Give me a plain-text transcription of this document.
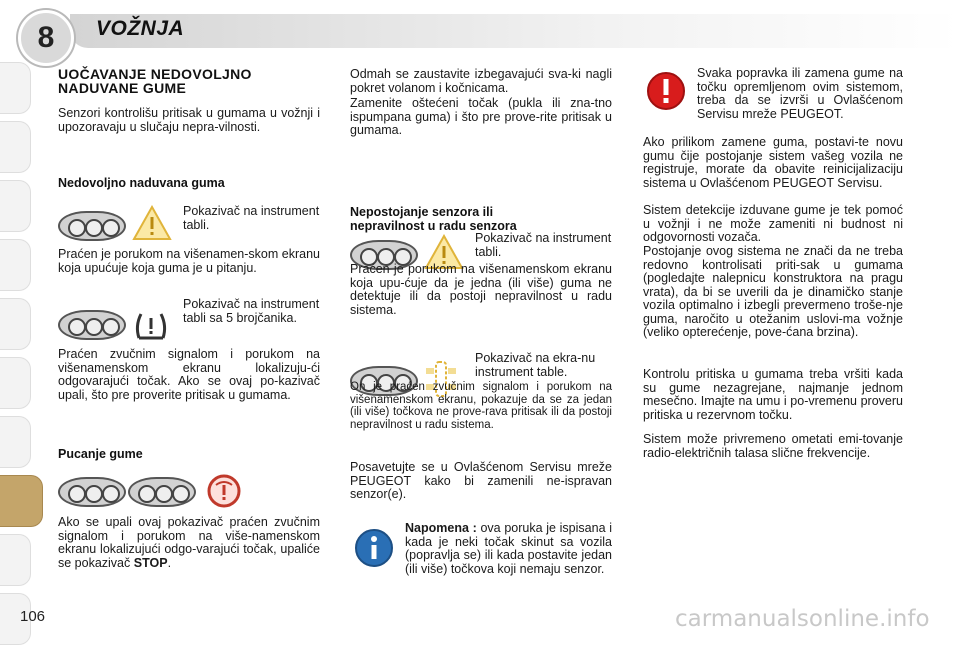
8	VOŽNJA
UOČAVANJE NEDOVOLJNO NADUVANE GUME

Senzori kontrolišu pritisak u gumama u vožnji i upozoravaju u slučaju nepra-vilnosti.

Nedovoljno naduvana guma

Pokazivač na instrument tabli.

Praćen je porukom na višenamen-skom ekranu koja upućuje koja guma je u pitanju.

Pokazivač na instrument tabli sa 5 brojčanika.

Praćen zvučnim signalom i porukom na višenamenskom ekranu lokalizuju-ći odgovarajući točak. Ako se ovaj po-kazivač upali, što pre proverite pritisak u gumama.

Pucanje gume

Ako se upali ovaj pokazivač praćen zvučnim signalom i porukom na više-namenskom ekranu lokalizujući odgo-varajući točak, upaliće se pokazivač STOP.

Odmah se zaustavite izbegavajući sva-ki nagli pokret volanom i kočnicama.

Zamenite oštećeni točak (pukla ili zna-tno ispumpana guma) i što pre prove-rite pritisak u gumama.

Nepostojanje senzora ili nepravilnost u radu senzora

Pokazivač na instrument tabli.

Praćen je porukom na višenamenskom ekranu koja upu-ćuje da je jedna (ili više) guma ne detektuje ili da postoji nepravilnost u radu sistema.

Pokazivač na ekra-nu instrument table.

On je praćen zvučnim signalom i porukom na višenamenskom ekranu, pokazuje da se za jedan (ili više) točkova ne prove-rava pritisak ili da postoji nepravilnost u radu sistema.

Posavetujte se u Ovlašćenom Servisu mreže PEUGEOT kako bi zamenili ne-ispravan senzor(e).

Napomena : ova poruka je ispisana i kada je neki točak skinut sa vozila (popravlja se) ili kada postavite jedan (ili više) točkova koji nemaju senzor.

Svaka popravka ili zamena gume na točku opremljenom ovim sistemom, treba da se izvrši u Ovlašćenom Servisu mreže PEUGEOT.

Ako prilikom zamene guma, postavi-te novu gumu čije postojanje sistem vašeg vozila ne registruje, morate da obavite reinicijalizaciju sistema u Ovlašćenom PEUGEOT Servisu.

Sistem detekcije izduvane gume je tek pomoć u vožnji i ne može zameniti ni budnost ni odgovornosti vozača.

Postojanje ovog sistema ne znači da ne treba redovno kontrolisati priti-sak u gumama (pogledajte nalepnicu konstruktora na pragu vrata), da bi se uverili da je dinamičko stanje vozila optimalno i izbegli prevermeno troše-nje guma, naročito u otežanim uslovi-ma vožnje (veliko opterećenje, pove-ćana brzina).

Kontrolu pritiska u gumama treba vršiti kada su gume nezagrejane, najmanje jednom mesečno. Imajte na umu i po-vremenu proveru pritiska u rezervnom točku.

Sistem može privremeno ometati emi-tovanje radio-električnih talasa slične frekvencije.

106	carmanualsonline.info
